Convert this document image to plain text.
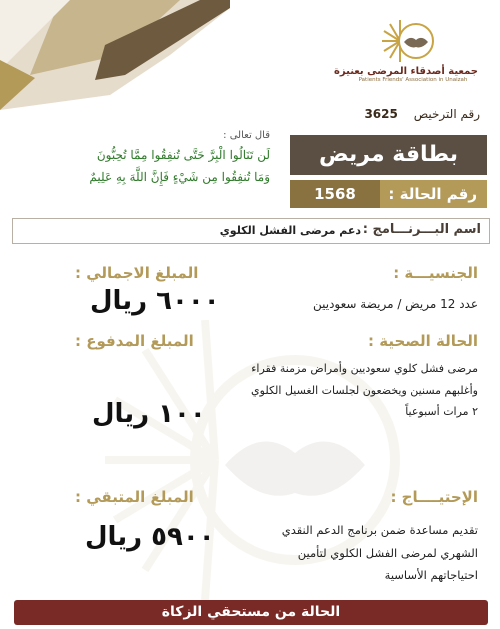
جمعية أصدقاء المرضى بعنيزة
Patients Friends' Association in Unaizah
رقم الترخيص 3625
قال تعالى :
لَن تَنَالُوا الْبِرَّ حَتَّى تُنفِقُوا مِمَّا تُحِبُّونَ
وَمَا تُنفِقُوا مِن شَيْءٍ فَإِنَّ اللَّهَ بِهِ عَلِيمٌ
بطاقة مريض
رقم الحالة :
1568
اسم البـــرنـــامج :
دعم مرضى الفشل الكلوي
الجنسيـــة :
عدد 12 مريض / مريضة سعوديين
المبلغ الاجمالي :
٦٠٠٠ ريال
الحالة الصحية :
مرضى فشل كلوي سعوديين وأمراض مزمنة فقراء
وأغلبهم مسنين ويخضعون لجلسات الغسيل الكلوي
٢ مرات أسبوعياً
المبلغ المدفوع :
١٠٠ ريال
الإحتيــــاج :
تقديم مساعدة ضمن برنامج الدعم النقدي
الشهري لمرضى الفشل الكلوي لتأمين
احتياجاتهم الأساسية
المبلغ المتبقي :
٥٩٠٠ ريال
الحالة من مستحقي الزكاة
